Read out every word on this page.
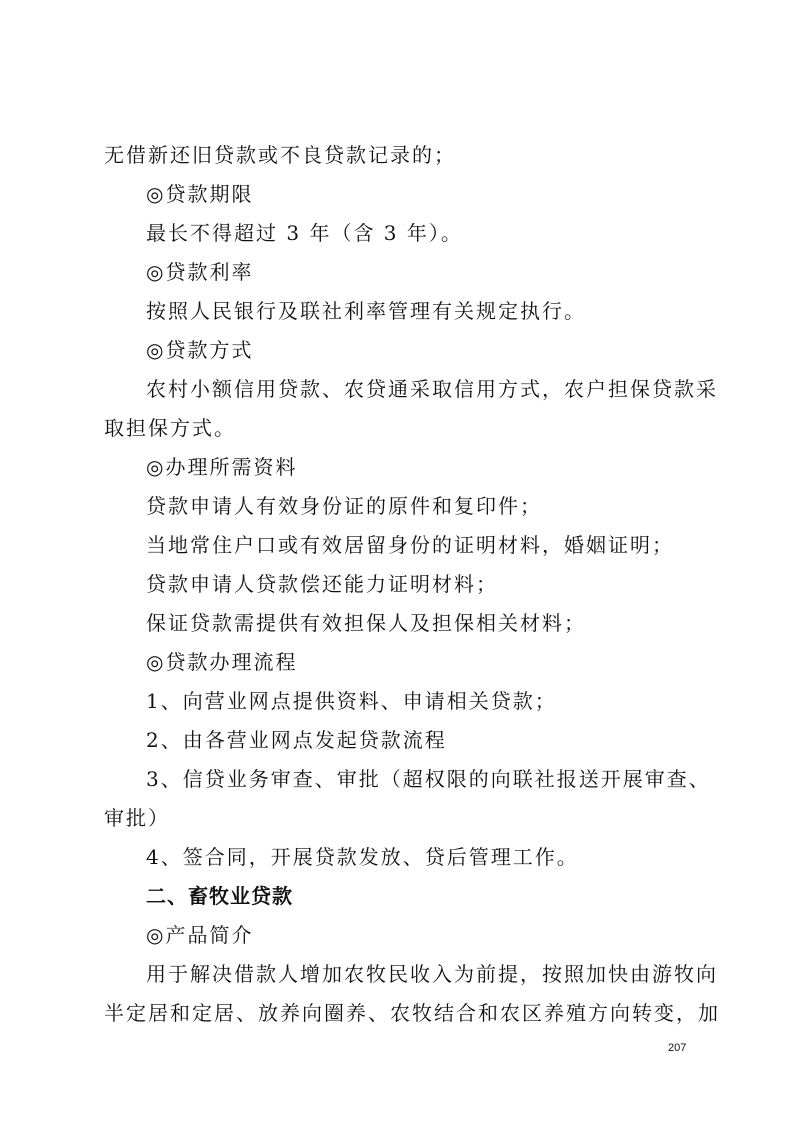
无借新还旧贷款或不良贷款记录的；
◎贷款期限
最长不得超过 3 年（含 3 年）。
◎贷款利率
按照人民银行及联社利率管理有关规定执行。
◎贷款方式
农村小额信用贷款、农贷通采取信用方式，农户担保贷款采
取担保方式。
◎办理所需资料
贷款申请人有效身份证的原件和复印件；
当地常住户口或有效居留身份的证明材料，婚姻证明；
贷款申请人贷款偿还能力证明材料；
保证贷款需提供有效担保人及担保相关材料；
◎贷款办理流程
1、向营业网点提供资料、申请相关贷款；
2、由各营业网点发起贷款流程
3、信贷业务审查、审批（超权限的向联社报送开展审查、
审批）
4、签合同，开展贷款发放、贷后管理工作。
二、畜牧业贷款
◎产品简介
用于解决借款人增加农牧民收入为前提，按照加快由游牧向
半定居和定居、放养向圈养、农牧结合和农区养殖方向转变，加
207
